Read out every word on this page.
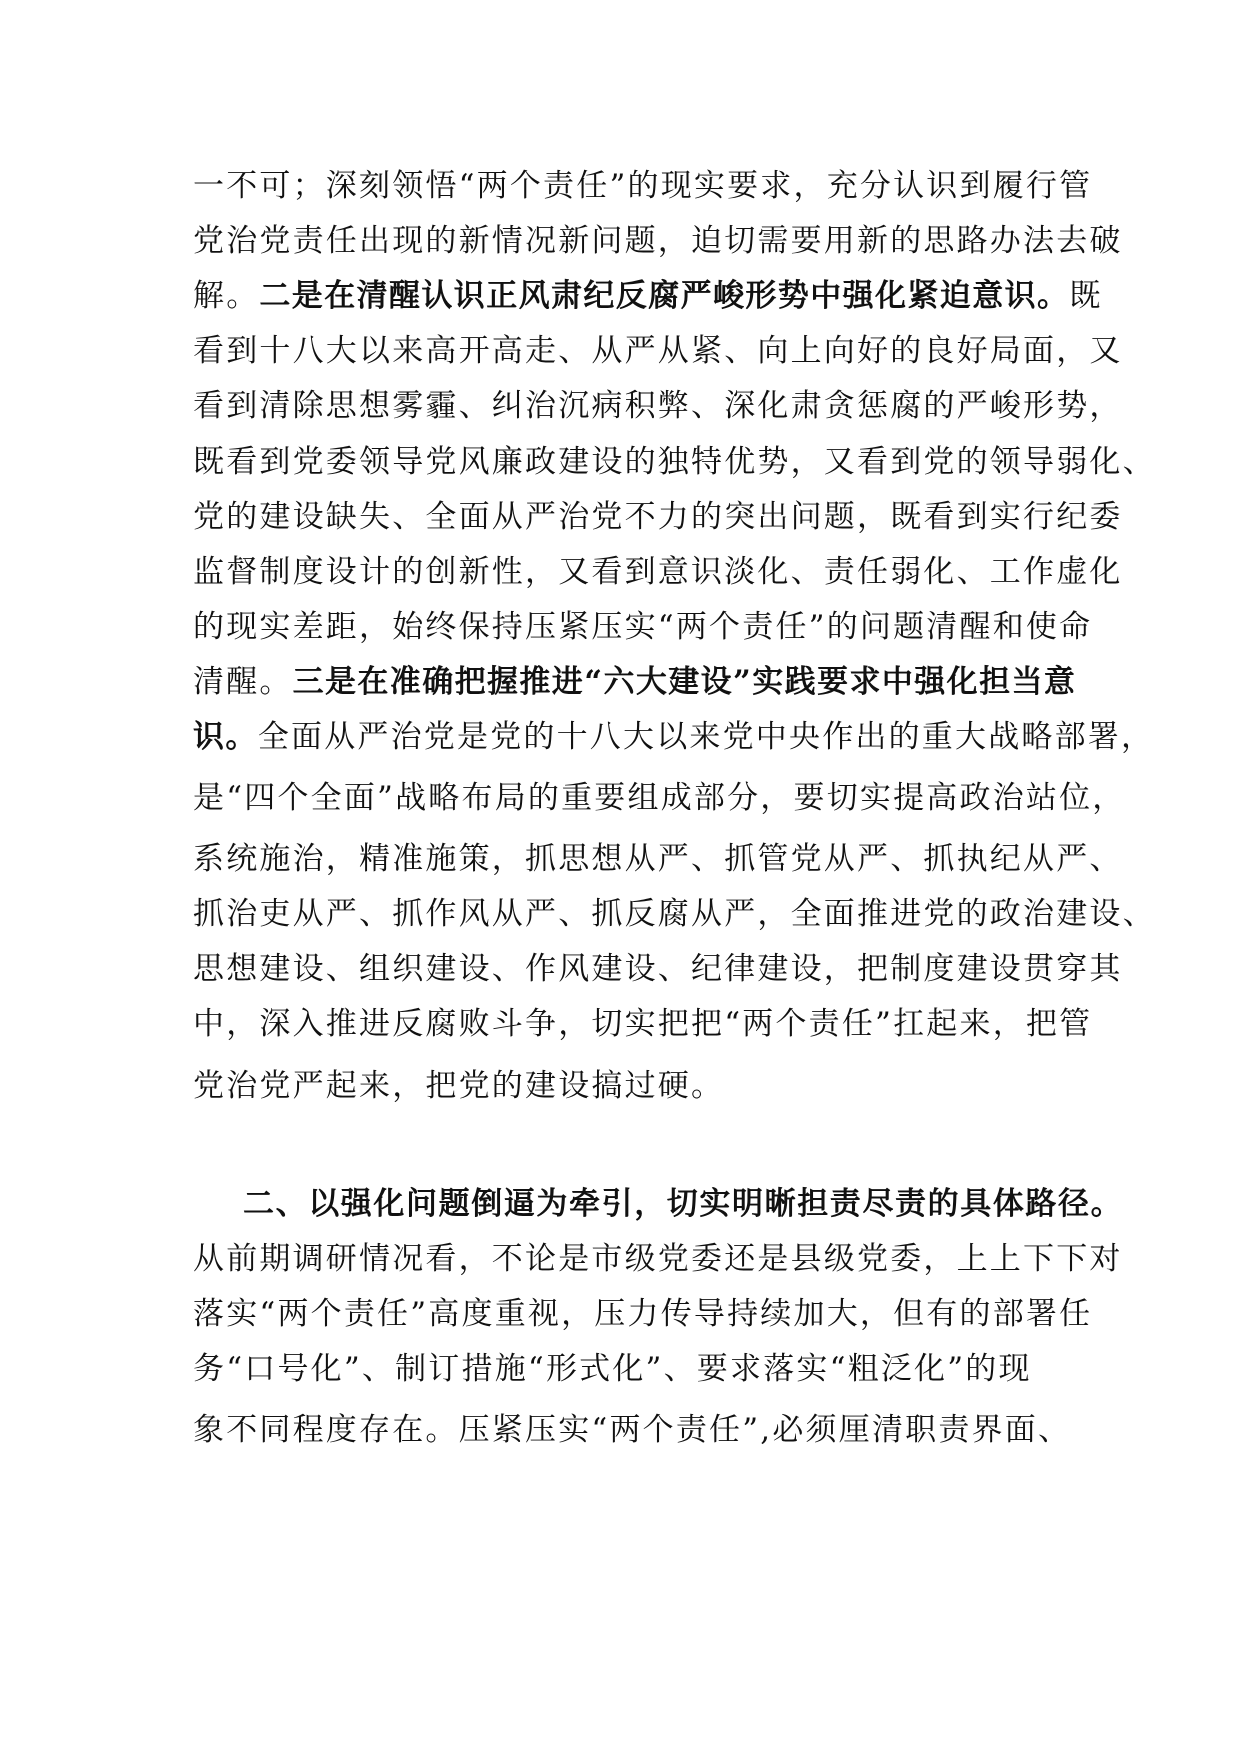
一不可；深刻领悟“两个责任”的现实要求，充分认识到履行管
党治党责任出现的新情况新问题，迫切需要用新的思路办法去破
解。二是在清醒认识正风肃纪反腐严峻形势中强化紧迫意识。既
看到十八大以来高开高走、从严从紧、向上向好的良好局面，又
看到清除思想雾霾、纠治沉病积弊、深化肃贪惩腐的严峻形势，
既看到党委领导党风廉政建设的独特优势，又看到党的领导弱化、
党的建设缺失、全面从严治党不力的突出问题，既看到实行纪委
监督制度设计的创新性，又看到意识淡化、责任弱化、工作虚化
的现实差距，始终保持压紧压实“两个责任”的问题清醒和使命
清醒。三是在准确把握推进“六大建设”实践要求中强化担当意
识。全面从严治党是党的十八大以来党中央作出的重大战略部署，
是“四个全面”战略布局的重要组成部分，要切实提高政治站位，
系统施治，精准施策，抓思想从严、抓管党从严、抓执纪从严、
抓治吏从严、抓作风从严、抓反腐从严，全面推进党的政治建设、
思想建设、组织建设、作风建设、纪律建设，把制度建设贯穿其
中，深入推进反腐败斗争，切实把把“两个责任”扛起来，把管
党治党严起来，把党的建设搞过硬。
二、以强化问题倒逼为牵引，切实明晰担责尽责的具体路径。
从前期调研情况看，不论是市级党委还是县级党委，上上下下对
落实“两个责任”高度重视，压力传导持续加大，但有的部署任
务“口号化”、制订措施“形式化”、要求落实“粗泛化”的现
象不同程度存在。压紧压实“两个责任”,必须厘清职责界面、
